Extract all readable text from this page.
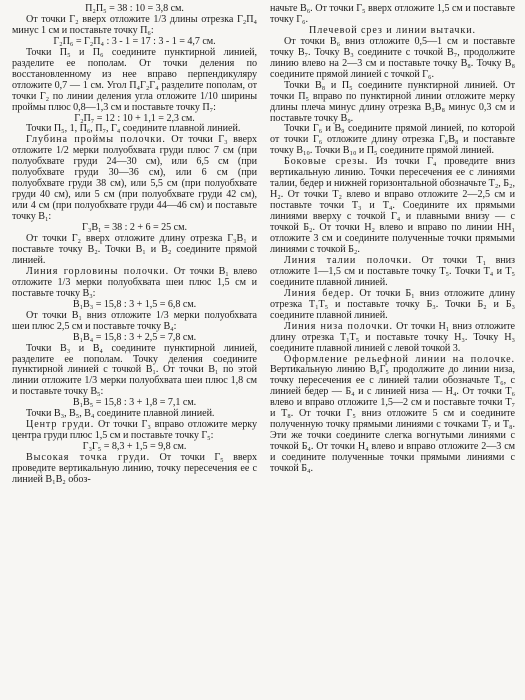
П₂П₅ = 38 : 10 = 3,8 см.

От точки Г₂ вверх отложите 1/3 длины отрезка Г₂П₄ минус 1 см и поставьте точку П₆:

Г₂П₆ = Г₂П₄ : 3 - 1 = 17 : 3 - 1 = 4,7 см.

Точки П₅ и П₆ соедините пунктирной линией, разделите ее пополам. От точки деления по восстановленному из нее вправо перпендикуляру отложите 0,7 — 1 см. Угол П₄Г₂Г₄ разделите пополам, от точки Г₂ по линии деления угла отложите 1/10 ширины проймы плюс 0,8—1,3 см и поставьте точку П₇:

Г₂П₇ = 12 : 10 + 1,1 = 2,3 см.

Точки П₅, 1, П₆, П₇, Г₄ соедините плавной линией.

Глубина проймы полочки. От точки Г₃ вверх отложите 1/2 мерки полуобхвата груди плюс 7 см (при полуобхвате груди 24—30 см), или 6,5 см (при полуобхвате груди 30—36 см), или 6 см (при полуобхвате груди 38 см), или 5,5 см (при полуобхвате груди 40 см), или 5 см (при полуобхвате груди 42 см), или 4 см (при полуобхвате груди 44—46 см) и поставьте точку В₁:

Г₃В₁ = 38 : 2 + 6 = 25 см.

От точки Г₂ вверх отложите длину отрезка Г₃В₁ и поставьте точку В₂. Точки В₁ и В₂ соедините прямой линией.

Линия горловины полочки. От точки В₁ влево отложите 1/3 мерки полуобхвата шеи плюс 1,5 см и поставьте точку В₃:

В₁В₃ = 15,8 : 3 + 1,5 = 6,8 см.

От точки В₁ вниз отложите 1/3 мерки полуобхвата шеи плюс 2,5 см и поставьте точку В₄:

В₁В₄ = 15,8 : 3 + 2,5 = 7,8 см.

Точки В₃ и В₄ соедините пунктирной линией, разделите ее пополам. Точку деления соедините пунктирной линией с точкой В₁. От точки В₁ по этой линии отложите 1/3 мерки полуобхвата шеи плюс 1,8 см и поставьте точку В₅:

В₁В₅ = 15,8 : 3 + 1,8 = 7,1 см.

Точки В₃, В₅, В₄ соедините плавной линией.

Центр груди. От точки Г₃ вправо отложите мерку центра груди плюс 1,5 см и поставьте точку Г₅:

Г₃Г₅ = 8,3 + 1,5 = 9,8 см.

Высокая точка груди. От точки Г₅ вверх проведите вертикальную линию, точку пересечения ее с линией В₁В₂ обоз-

начьте В₆. От точки Г₅ вверх отложите 1,5 см и поставьте точку Г₆.

Плечевой срез и линии вытачки.

От точки В₆ вниз отложите 0,5—1 см и поставьте точку В₇. Точку В₃ соедините с точкой В₇, продолжите линию влево на 2—3 см и поставьте точку В₈. Точку В₈ соедините прямой линией с точкой Г₆.

Точки В₈ и П₅ соедините пунктирной линией. От точки П₅ вправо по пунктирной линии отложите мерку длины плеча минус длину отрезка В₃В₈ минус 0,3 см и поставьте точку В₉.

Точки Г₆ и В₉ соедините прямой линией, по которой от точки Г₆ отложите длину отрезка Г₆В₈ и поставьте точку В₁₀. Точки В₁₀ и П₅ соедините прямой линией.

Боковые срезы. Из точки Г₄ проведите вниз вертикальную линию. Точки пересечения ее с линиями талии, бедер и нижней горизонтальной обозначьте Т₂, Б₂, Н₂. От точки Т₂ влево и вправо отложите 2—2,5 см и поставьте точки Т₃ и Т₄. Соедините их прямыми линиями вверху с точкой Г₄ и плавными внизу — с точкой Б₂. От точки Н₂ влево и вправо по линии НН₁ отложите 3 см и соедините полученные точки прямыми линиями с точкой Б₂.

Линия талии полочки. От точки Т₁ вниз отложите 1—1,5 см и поставьте точку Т₅. Точки Т₄ и Т₅ соедините плавной линией.

Линия бедер. От точки Б₁ вниз отложите длину отрезка Т₁Т₅ и поставьте точку Б₃. Точки Б₂ и Б₃ соедините плавной линией.

Линия низа полочки. От точки Н₁ вниз отложите длину отрезка Т₁Т₅ и поставьте точку Н₃. Точку Н₃ соедините плавной линией с левой точкой 3.

Оформление рельефной линии на полочке. Вертикальную линию В₆Г₅ продолжите до линии низа, точку пересечения ее с линией талии обозначьте Т₆, с линией бедер — Б₄ и с линией низа — Н₄. От точки Т₆ влево и вправо отложите 1,5—2 см и поставьте точки Т₇ и Т₈. От точки Г₅ вниз отложите 5 см и соедините полученную точку прямыми линиями с точками Т₇ и Т₈. Эти же точки соедините слегка вогнутыми линиями с точкой Б₄. От точки Н₄ влево и вправо отложите 2—3 см и соедините полученные точки прямыми линиями с точкой Б₄.
